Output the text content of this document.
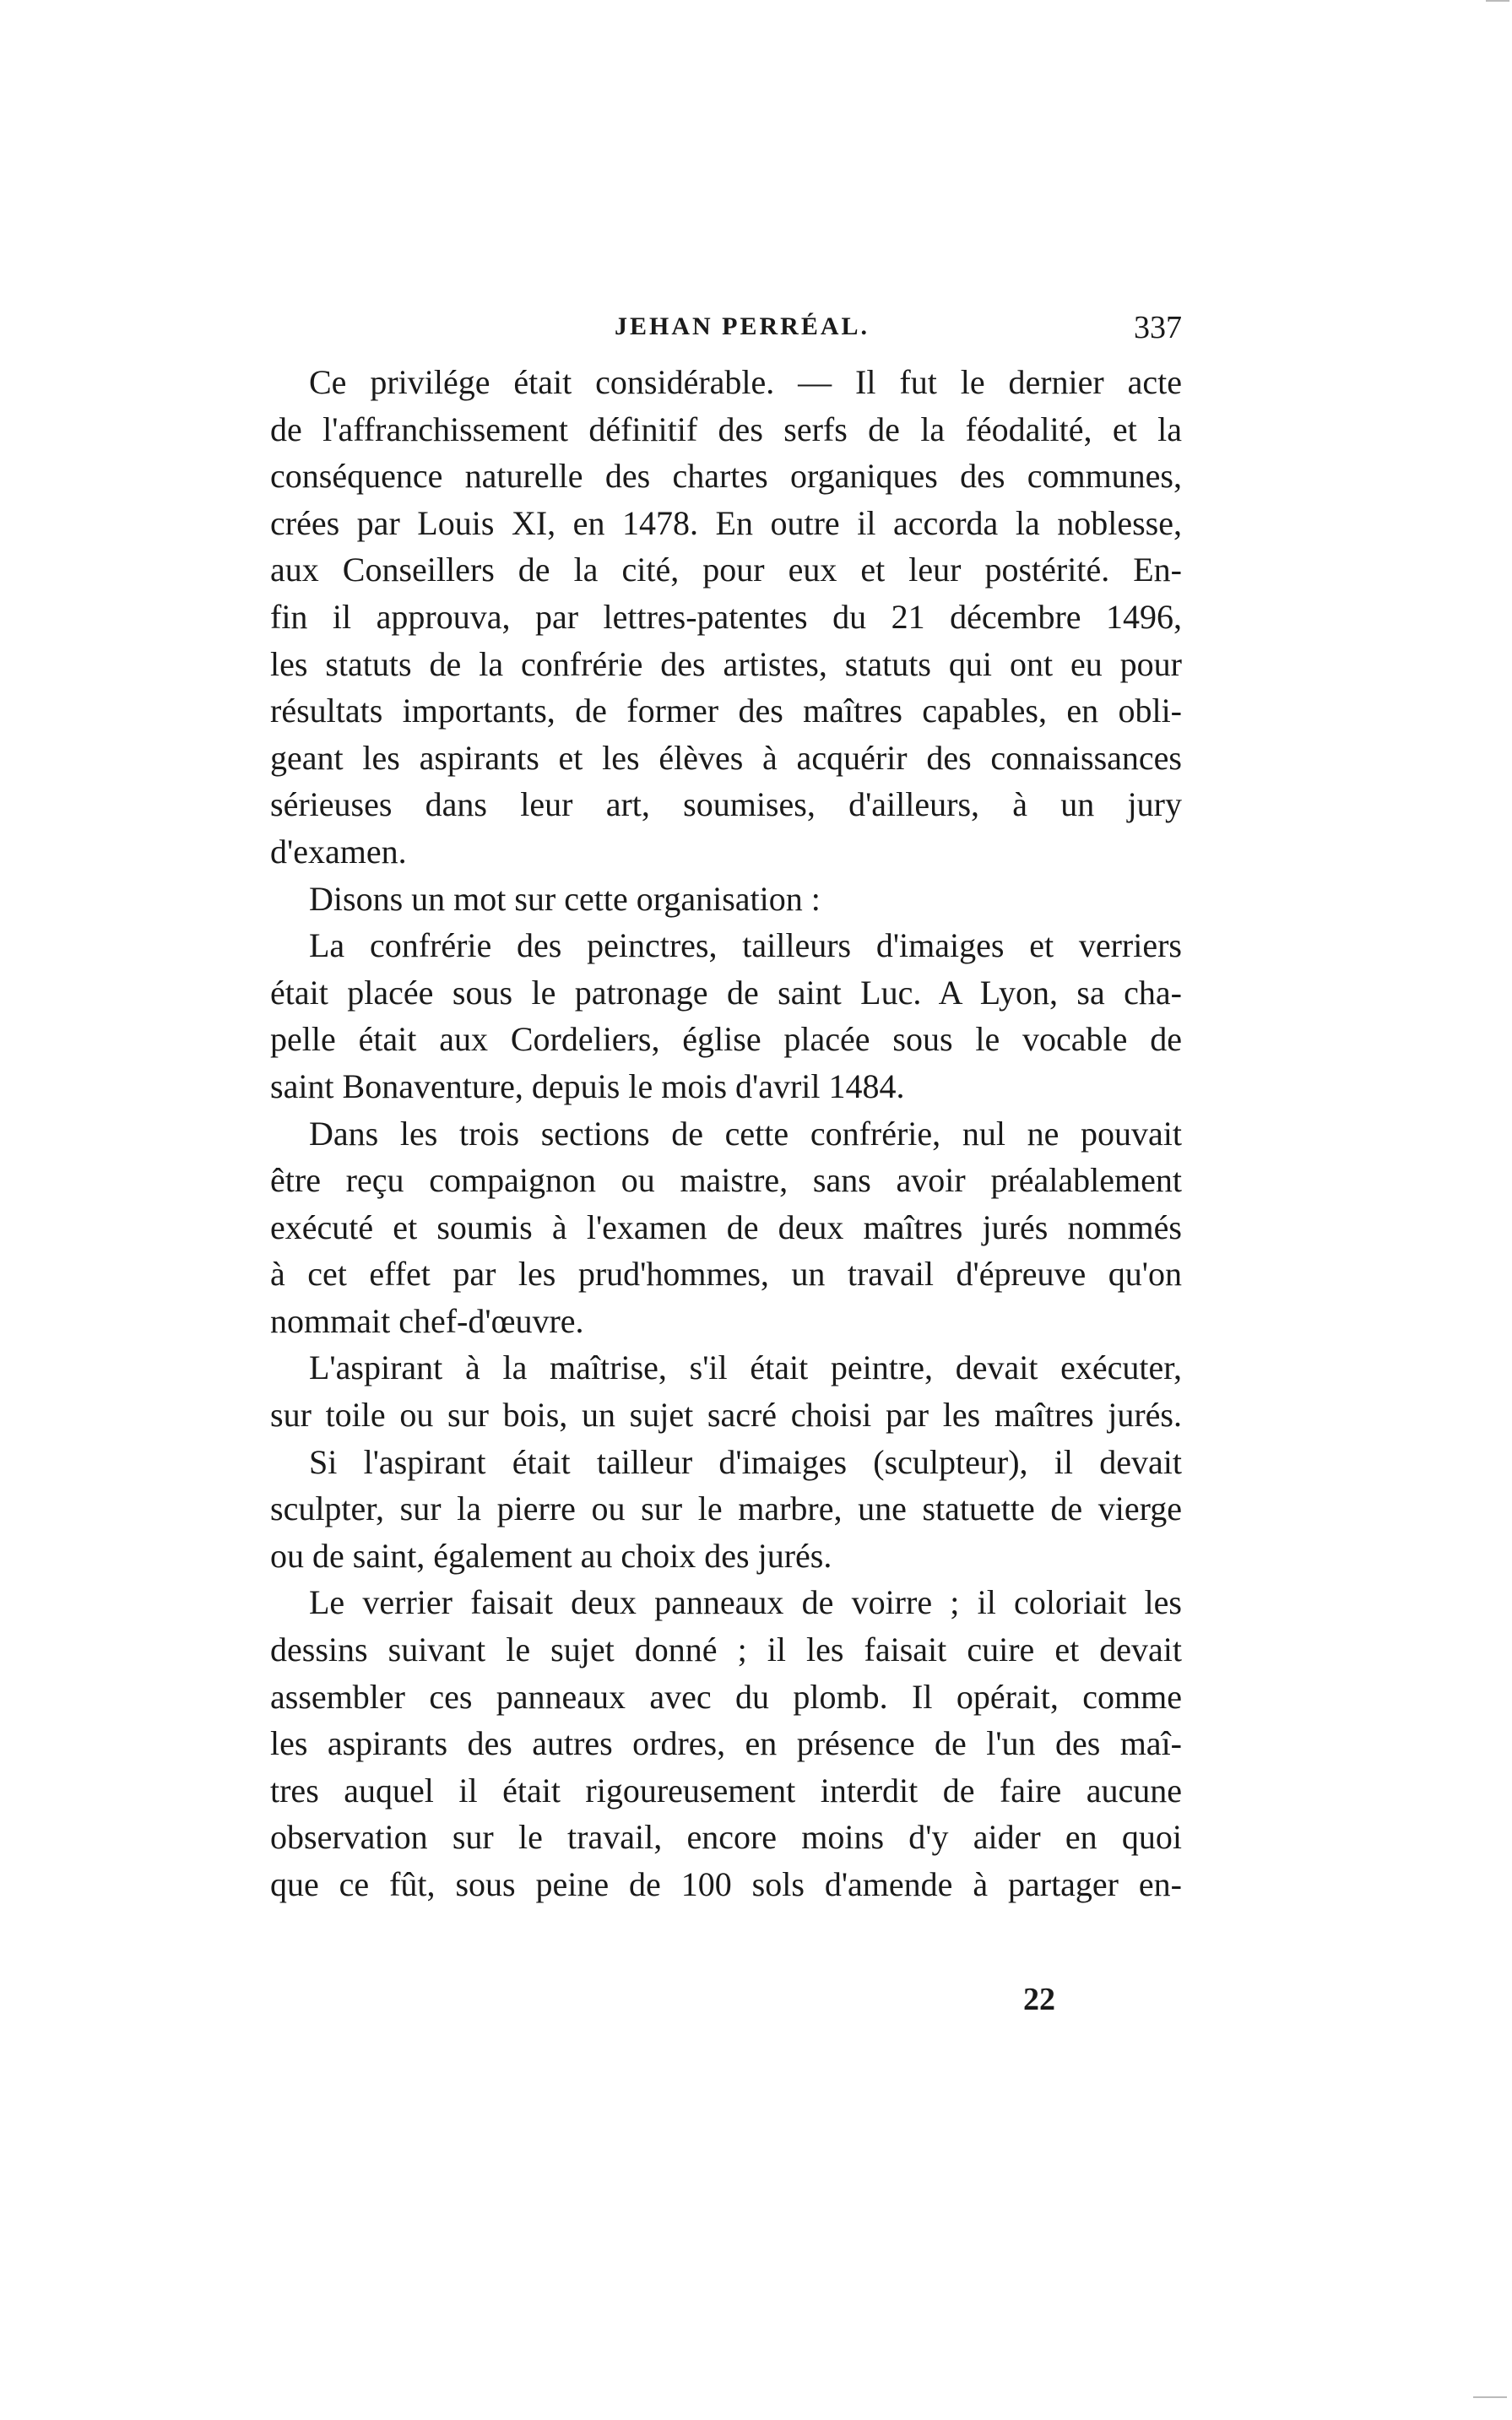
JEHAN PERRÉAL.	337
Ce privilége était considérable. — Il fut le dernier acte
de l'affranchissement définitif des serfs de la féodalité, et la
conséquence naturelle des chartes organiques des communes,
crées par Louis XI, en 1478. En outre il accorda la noblesse,
aux Conseillers de la cité, pour eux et leur postérité. En-
fin il approuva, par lettres-patentes du 21 décembre 1496,
les statuts de la confrérie des artistes, statuts qui ont eu pour
résultats importants, de former des maîtres capables, en obli-
geant les aspirants et les élèves à acquérir des connaissances
sérieuses dans leur art, soumises, d'ailleurs, à un jury
d'examen.
Disons un mot sur cette organisation :
La confrérie des peinctres, tailleurs d'imaiges et verriers
était placée sous le patronage de saint Luc. A Lyon, sa cha-
pelle était aux Cordeliers, église placée sous le vocable de
saint Bonaventure, depuis le mois d'avril 1484.
Dans les trois sections de cette confrérie, nul ne pouvait
être reçu compaignon ou maistre, sans avoir préalablement
exécuté et soumis à l'examen de deux maîtres jurés nommés
à cet effet par les prud'hommes, un travail d'épreuve qu'on
nommait chef-d'œuvre.
L'aspirant à la maîtrise, s'il était peintre, devait exécuter,
sur toile ou sur bois, un sujet sacré choisi par les maîtres jurés.
Si l'aspirant était tailleur d'imaiges (sculpteur), il devait
sculpter, sur la pierre ou sur le marbre, une statuette de vierge
ou de saint, également au choix des jurés.
Le verrier faisait deux panneaux de voirre ; il coloriait les
dessins suivant le sujet donné ; il les faisait cuire et devait
assembler ces panneaux avec du plomb. Il opérait, comme
les aspirants des autres ordres, en présence de l'un des maî-
tres auquel il était rigoureusement interdit de faire aucune
observation sur le travail, encore moins d'y aider en quoi
que ce fût, sous peine de 100 sols d'amende à partager en-
22
